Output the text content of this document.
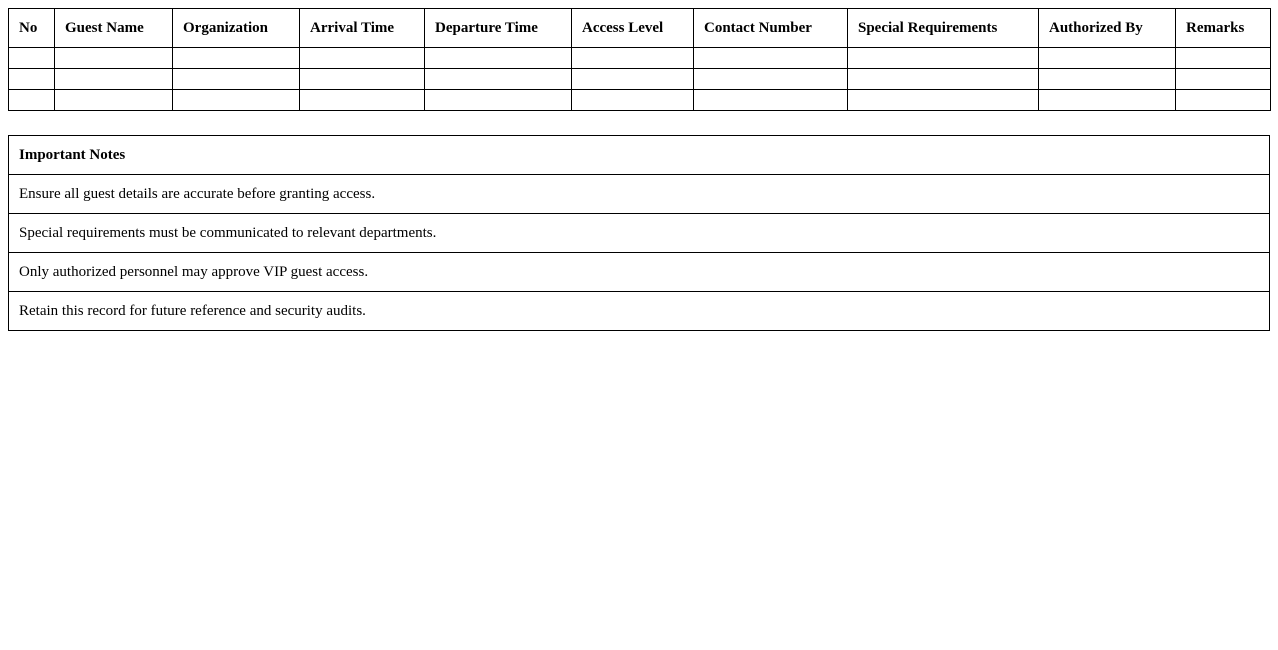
No	Guest Name	Organization	Arrival Time	Departure Time	Access Level	Contact Number	Special Requirements	Authorized By	Remarks

Important Notes
Ensure all guest details are accurate before granting access.
Special requirements must be communicated to relevant departments.
Only authorized personnel may approve VIP guest access.
Retain this record for future reference and security audits.
